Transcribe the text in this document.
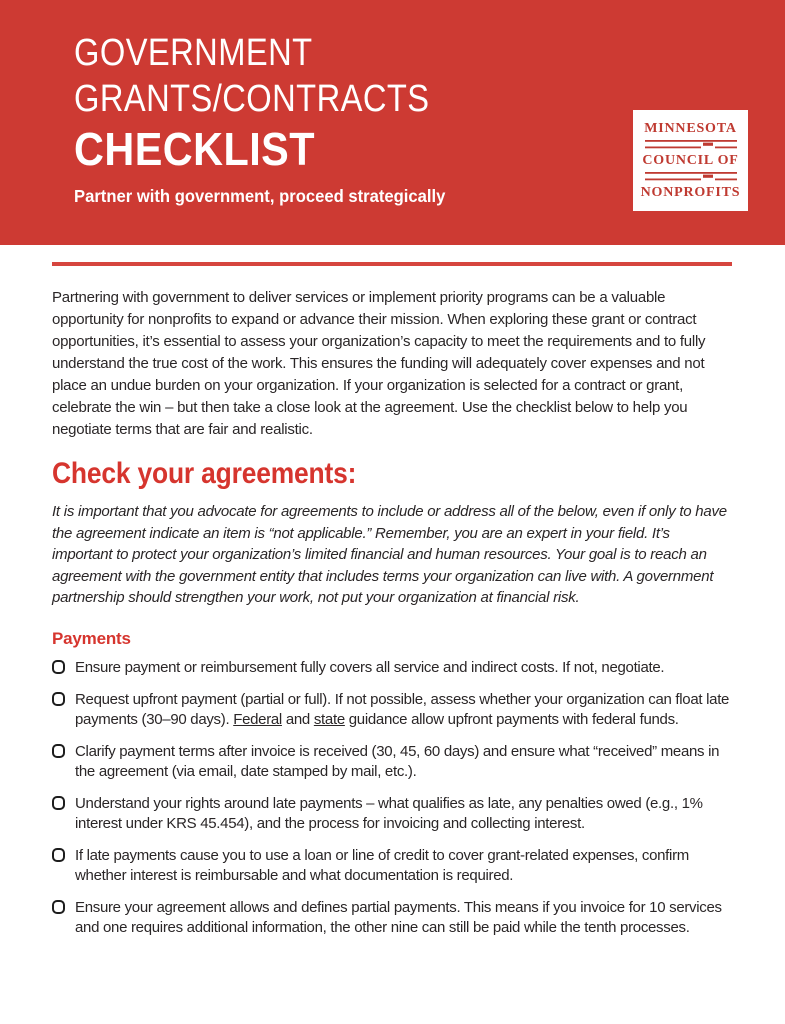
GOVERNMENT
GRANTS/CONTRACTS
CHECKLIST
Partner with government, proceed strategically
MINNESOTA
COUNCIL OF
NONPROFITS

Partnering with government to deliver services or implement priority programs can be a valuable opportunity for nonprofits to expand or advance their mission. When exploring these grant or contract opportunities, it’s essential to assess your organization’s capacity to meet the requirements and to fully understand the true cost of the work. This ensures the funding will adequately cover expenses and not place an undue burden on your organization. If your organization is selected for a contract or grant, celebrate the win – but then take a close look at the agreement. Use the checklist below to help you negotiate terms that are fair and realistic.

Check your agreements:

It is important that you advocate for agreements to include or address all of the below, even if only to have the agreement indicate an item is “not applicable.” Remember, you are an expert in your field. It’s important to protect your organization’s limited financial and human resources. Your goal is to reach an agreement with the government entity that includes terms your organization can live with. A government partnership should strengthen your work, not put your organization at financial risk.

Payments
Ensure payment or reimbursement fully covers all service and indirect costs. If not, negotiate.
Request upfront payment (partial or full). If not possible, assess whether your organization can float late payments (30–90 days). Federal and state guidance allow upfront payments with federal funds.
Clarify payment terms after invoice is received (30, 45, 60 days) and ensure what “received” means in the agreement (via email, date stamped by mail, etc.).
Understand your rights around late payments – what qualifies as late, any penalties owed (e.g., 1% interest under KRS 45.454), and the process for invoicing and collecting interest.
If late payments cause you to use a loan or line of credit to cover grant-related expenses, confirm whether interest is reimbursable and what documentation is required.
Ensure your agreement allows and defines partial payments. This means if you invoice for 10 services and one requires additional information, the other nine can still be paid while the tenth processes.
